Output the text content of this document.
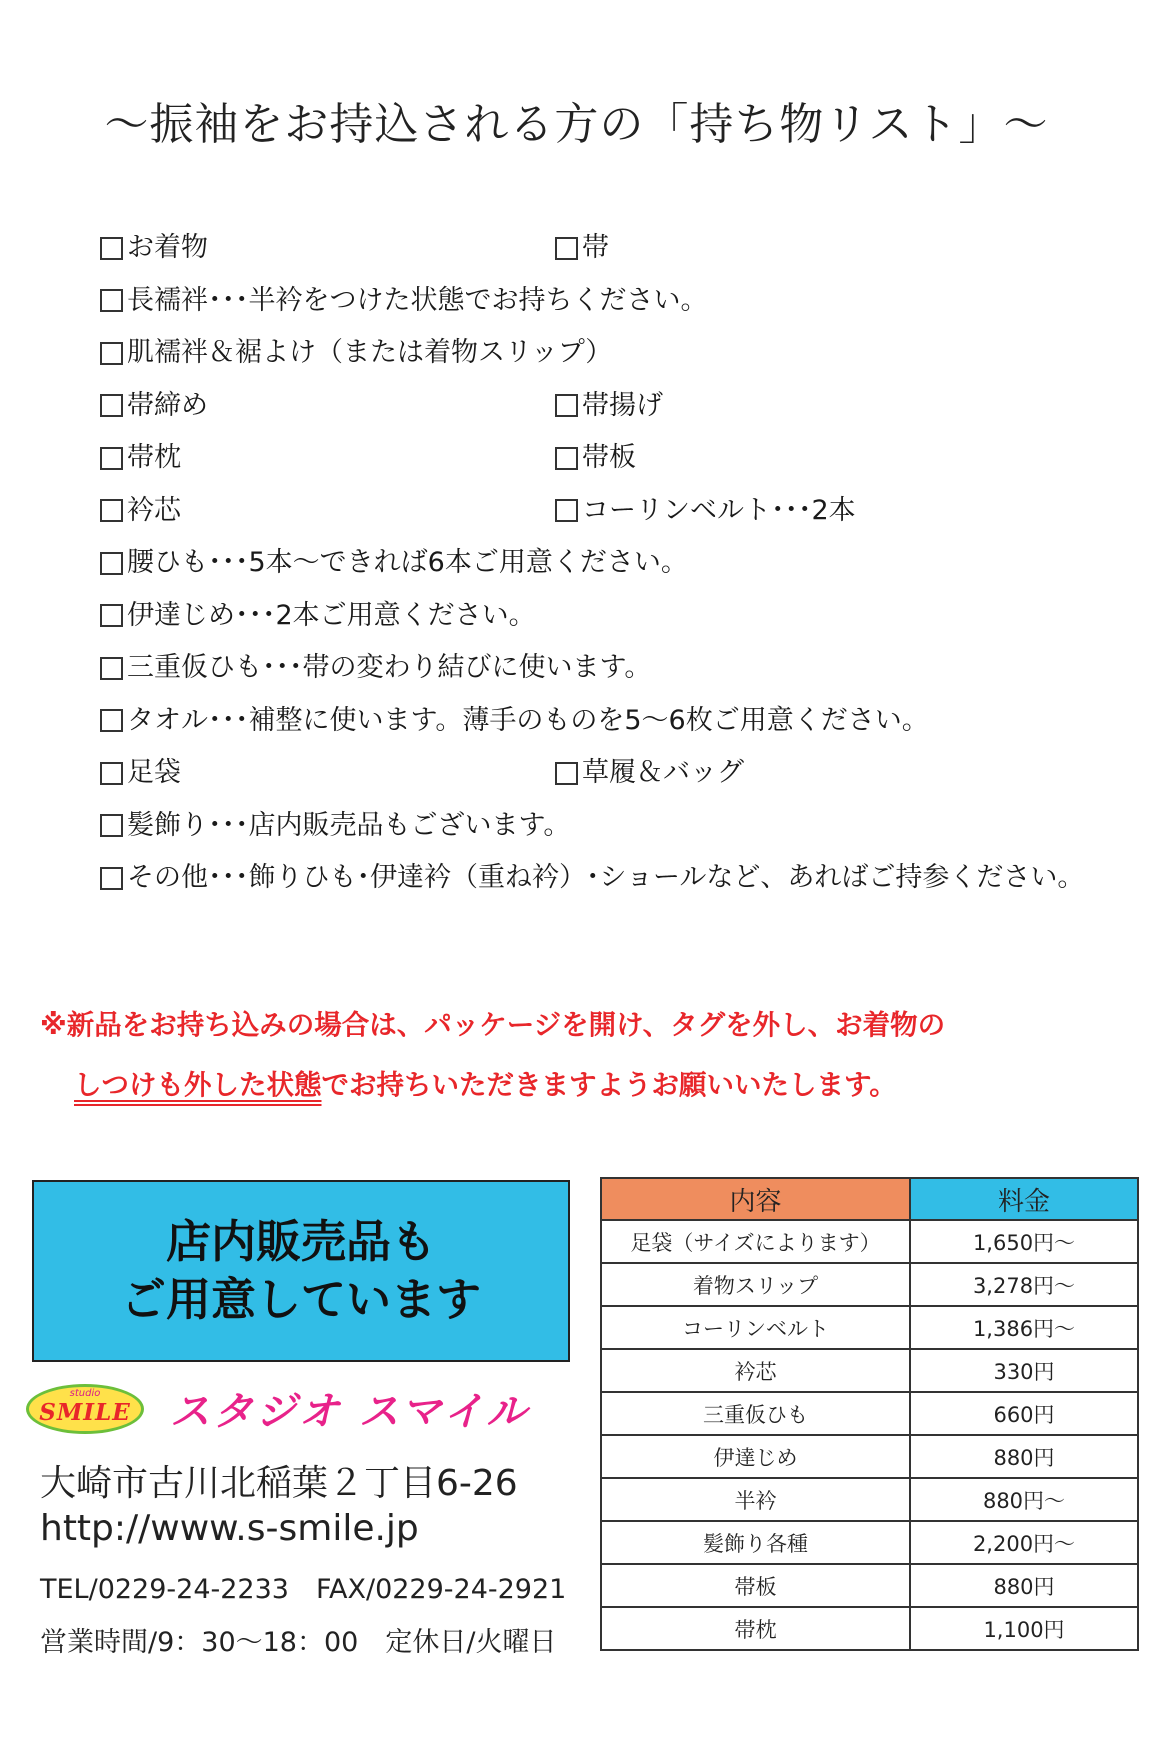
～振袖をお持込される方の「持ち物リスト」～
お着物	帯
長襦袢･･･半衿をつけた状態でお持ちください。
肌襦袢＆裾よけ（または着物スリップ）
帯締め	帯揚げ
帯枕	帯板
衿芯	コーリンベルト･･･2本
腰ひも･･･5本～できれば6本ご用意ください。
伊達じめ･･･2本ご用意ください。
三重仮ひも･･･帯の変わり結びに使います。
タオル･･･補整に使います。薄手のものを5～6枚ご用意ください。
足袋	草履＆バッグ
髪飾り･･･店内販売品もございます。
その他･･･飾りひも･伊達衿（重ね衿）･ショールなど、あればご持参ください。
※新品をお持ち込みの場合は、パッケージを開け、タグを外し、お着物の
しつけも外した状態でお持ちいただきますようお願いいたします。
店内販売品も
ご用意しています
studio
SMILE スタジオ スマイル
大崎市古川北稲葉２丁目6-26
http://www.s-smile.jp
TEL/0229-24-2233　FAX/0229-24-2921
営業時間/9：30～18：00　定休日/火曜日
内容	料金
足袋（サイズによります）	1,650円～
着物スリップ	3,278円～
コーリンベルト	1,386円～
衿芯	330円
三重仮ひも	660円
伊達じめ	880円
半衿	880円～
髪飾り各種	2,200円～
帯板	880円
帯枕	1,100円
